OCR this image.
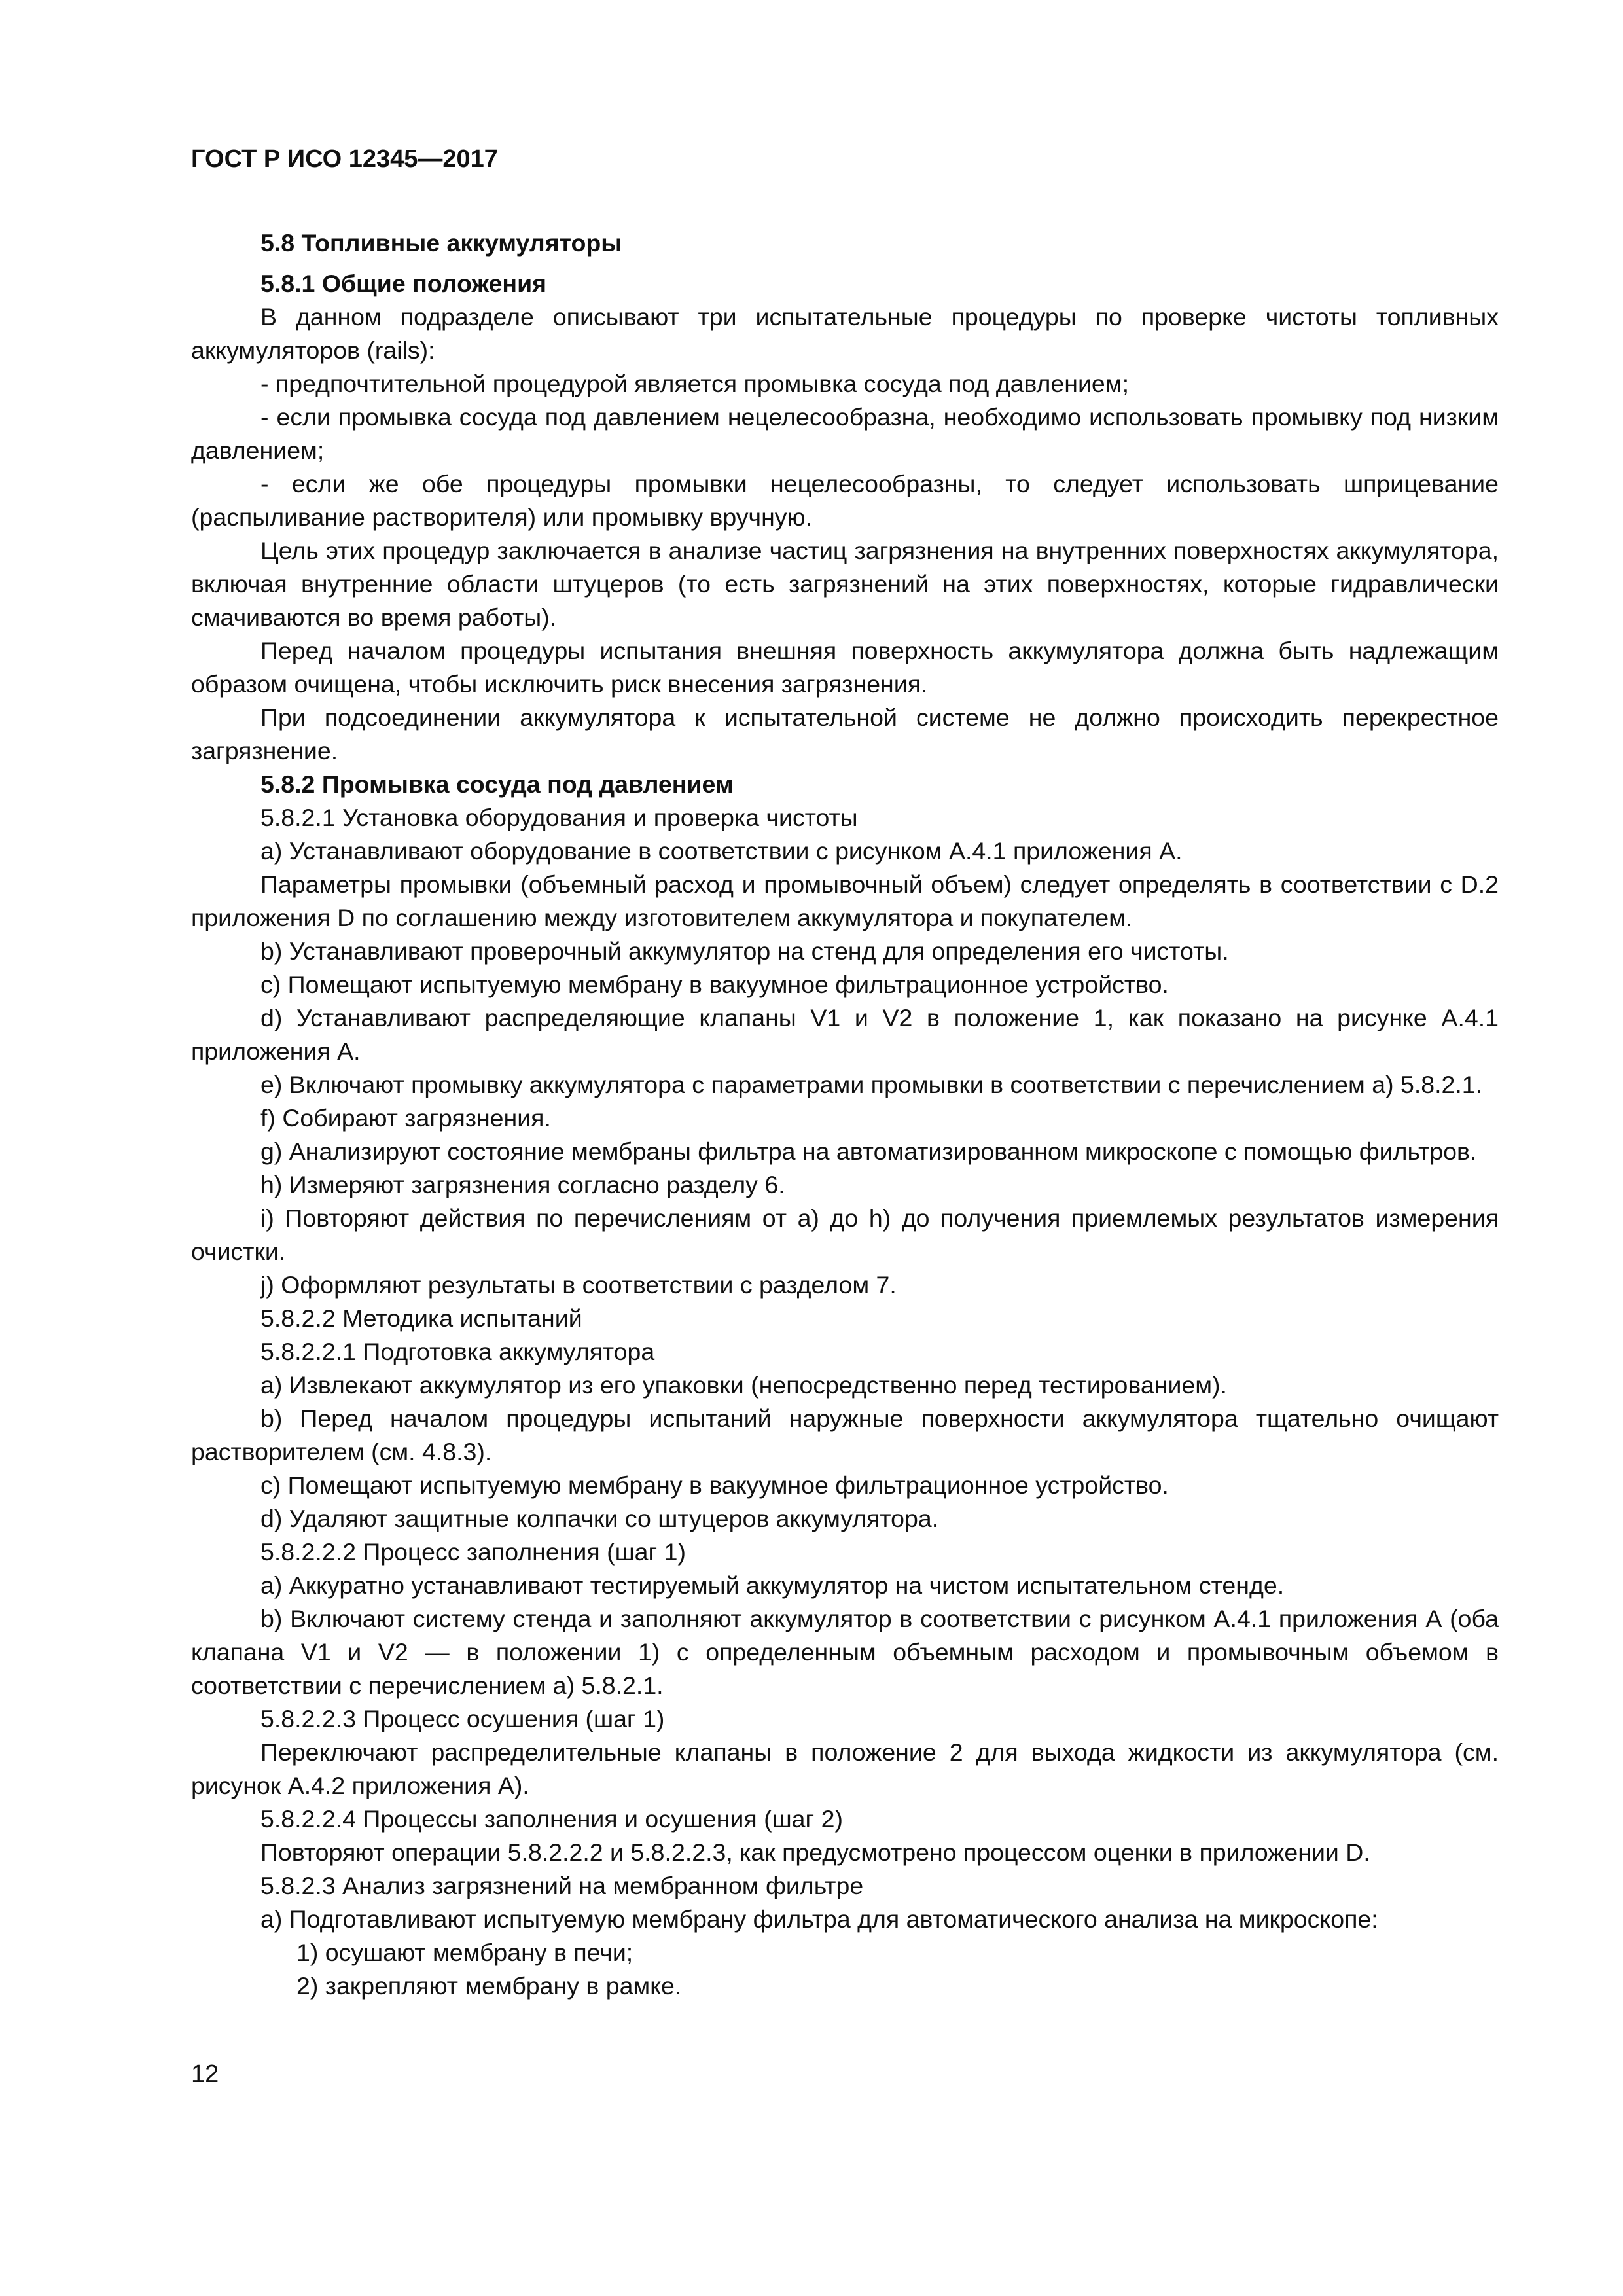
ГОСТ Р ИСО 12345—2017

5.8 Топливные аккумуляторы

5.8.1 Общие положения

В данном подразделе описывают три испытательные процедуры по проверке чистоты топливных аккумуляторов (rails):

- предпочтительной процедурой является промывка сосуда под давлением;

- если промывка сосуда под давлением нецелесообразна, необходимо использовать промывку под низким давлением;

- если же обе процедуры промывки нецелесообразны, то следует использовать шприцевание (распыливание растворителя) или промывку вручную.

Цель этих процедур заключается в анализе частиц загрязнения на внутренних поверхностях аккумулятора, включая внутренние области штуцеров (то есть загрязнений на этих поверхностях, которые гидравлически смачиваются во время работы).

Перед началом процедуры испытания внешняя поверхность аккумулятора должна быть надлежащим образом очищена, чтобы исключить риск внесения загрязнения.

При подсоединении аккумулятора к испытательной системе не должно происходить перекрестное загрязнение.

5.8.2 Промывка сосуда под давлением

5.8.2.1 Установка оборудования и проверка чистоты

a) Устанавливают оборудование в соответствии с рисунком А.4.1 приложения А.

Параметры промывки (объемный расход и промывочный объем) следует определять в соответствии с D.2 приложения D по соглашению между изготовителем аккумулятора и покупателем.

b) Устанавливают проверочный аккумулятор на стенд для определения его чистоты.

c) Помещают испытуемую мембрану в вакуумное фильтрационное устройство.

d) Устанавливают распределяющие клапаны V1 и V2 в положение 1, как показано на рисунке А.4.1 приложения А.

e) Включают промывку аккумулятора с параметрами промывки в соответствии с перечислением а) 5.8.2.1.

f) Собирают загрязнения.

g) Анализируют состояние мембраны фильтра на автоматизированном микроскопе с помощью фильтров.

h) Измеряют загрязнения согласно разделу 6.

i) Повторяют действия по перечислениям от а) до h) до получения приемлемых результатов измерения очистки.

j) Оформляют результаты в соответствии с разделом 7.

5.8.2.2 Методика испытаний

5.8.2.2.1 Подготовка аккумулятора

a) Извлекают аккумулятор из его упаковки (непосредственно перед тестированием).

b) Перед началом процедуры испытаний наружные поверхности аккумулятора тщательно очищают растворителем (см. 4.8.3).

c) Помещают испытуемую мембрану в вакуумное фильтрационное устройство.

d) Удаляют защитные колпачки со штуцеров аккумулятора.

5.8.2.2.2 Процесс заполнения (шаг 1)

a) Аккуратно устанавливают тестируемый аккумулятор на чистом испытательном стенде.

b) Включают систему стенда и заполняют аккумулятор в соответствии с рисунком А.4.1 приложения А (оба клапана V1 и V2 — в положении 1) с определенным объемным расходом и промывочным объемом в соответствии с перечислением а) 5.8.2.1.

5.8.2.2.3 Процесс осушения (шаг 1)

Переключают распределительные клапаны в положение 2 для выхода жидкости из аккумулятора (см. рисунок А.4.2 приложения А).

5.8.2.2.4 Процессы заполнения и осушения (шаг 2)

Повторяют операции 5.8.2.2.2 и 5.8.2.2.3, как предусмотрено процессом оценки в приложении D.

5.8.2.3 Анализ загрязнений на мембранном фильтре

a) Подготавливают испытуемую мембрану фильтра для автоматического анализа на микроскопе:

1) осушают мембрану в печи;

2) закрепляют мембрану в рамке.

12
